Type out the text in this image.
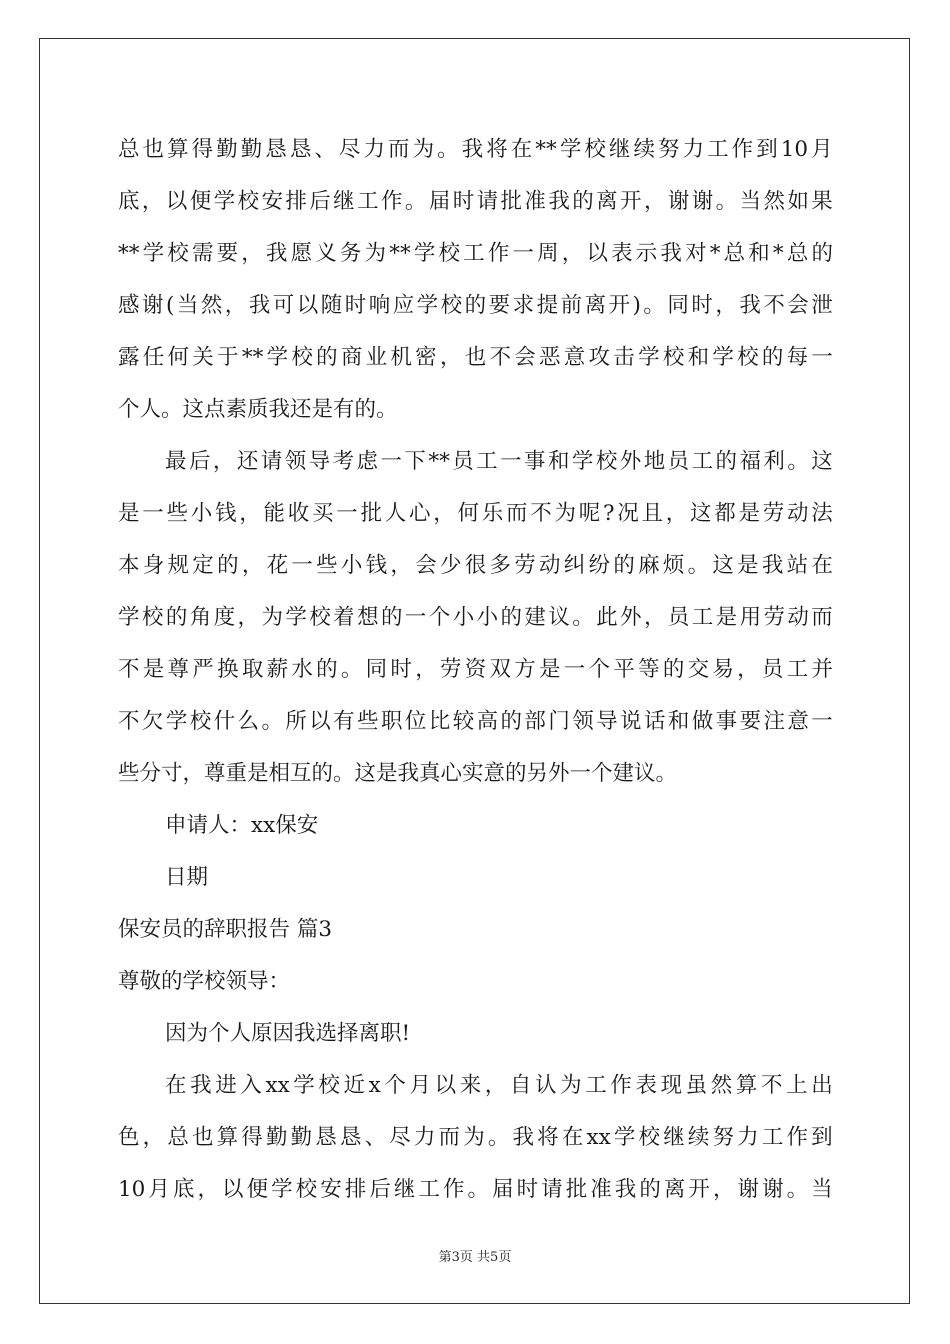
总 也 算 得 勤 勤 恳 恳 、 尽 力 而 为 。 我 将 在 ** 学 校 继 续 努 力 工 作 到 10 月
底 ， 以 便 学 校 安 排 后 继 工 作 。 届 时 请 批 准 我 的 离 开 ， 谢 谢 。 当 然 如 果
** 学 校 需 要 ， 我 愿 义 务 为 ** 学 校 工 作 一 周 ， 以 表 示 我 对 * 总 和 * 总 的
感 谢 ( 当 然 ， 我 可 以 随 时 响 应 学 校 的 要 求 提 前 离 开 ) 。 同 时 ， 我 不 会 泄
露 任 何 关 于 ** 学 校 的 商 业 机 密 ， 也 不 会 恶 意 攻 击 学 校 和 学 校 的 每 一
个人。这点素质我还是有的。
最 后 ， 还 请 领 导 考 虑 一 下 ** 员 工 一 事 和 学 校 外 地 员 工 的 福 利 。 这
是 一 些 小 钱 ， 能 收 买 一 批 人 心 ， 何 乐 而 不 为 呢 ? 况 且 ， 这 都 是 劳 动 法
本 身 规 定 的 ， 花 一 些 小 钱 ， 会 少 很 多 劳 动 纠 纷 的 麻 烦 。 这 是 我 站 在
学 校 的 角 度 ， 为 学 校 着 想 的 一 个 小 小 的 建 议 。 此 外 ， 员 工 是 用 劳 动 而
不 是 尊 严 换 取 薪 水 的 。 同 时 ， 劳 资 双 方 是 一 个 平 等 的 交 易 ， 员 工 并
不 欠 学 校 什 么 。 所 以 有 些 职 位 比 较 高 的 部 门 领 导 说 话 和 做 事 要 注 意 一
些分寸，尊重是相互的。这是我真心实意的另外一个建议。
申请人：xx保安
日期
保安员的辞职报告 篇3
尊敬的学校领导：
因为个人原因我选择离职!
在 我 进 入 xx 学 校 近 x 个 月 以 来 ， 自 认 为 工 作 表 现 虽 然 算 不 上 出
色 ， 总 也 算 得 勤 勤 恳 恳 、 尽 力 而 为 。 我 将 在 xx 学 校 继 续 努 力 工 作 到
10 月 底 ， 以 便 学 校 安 排 后 继 工 作 。 届 时 请 批 准 我 的 离 开 ， 谢 谢 。 当
第3页 共5页
